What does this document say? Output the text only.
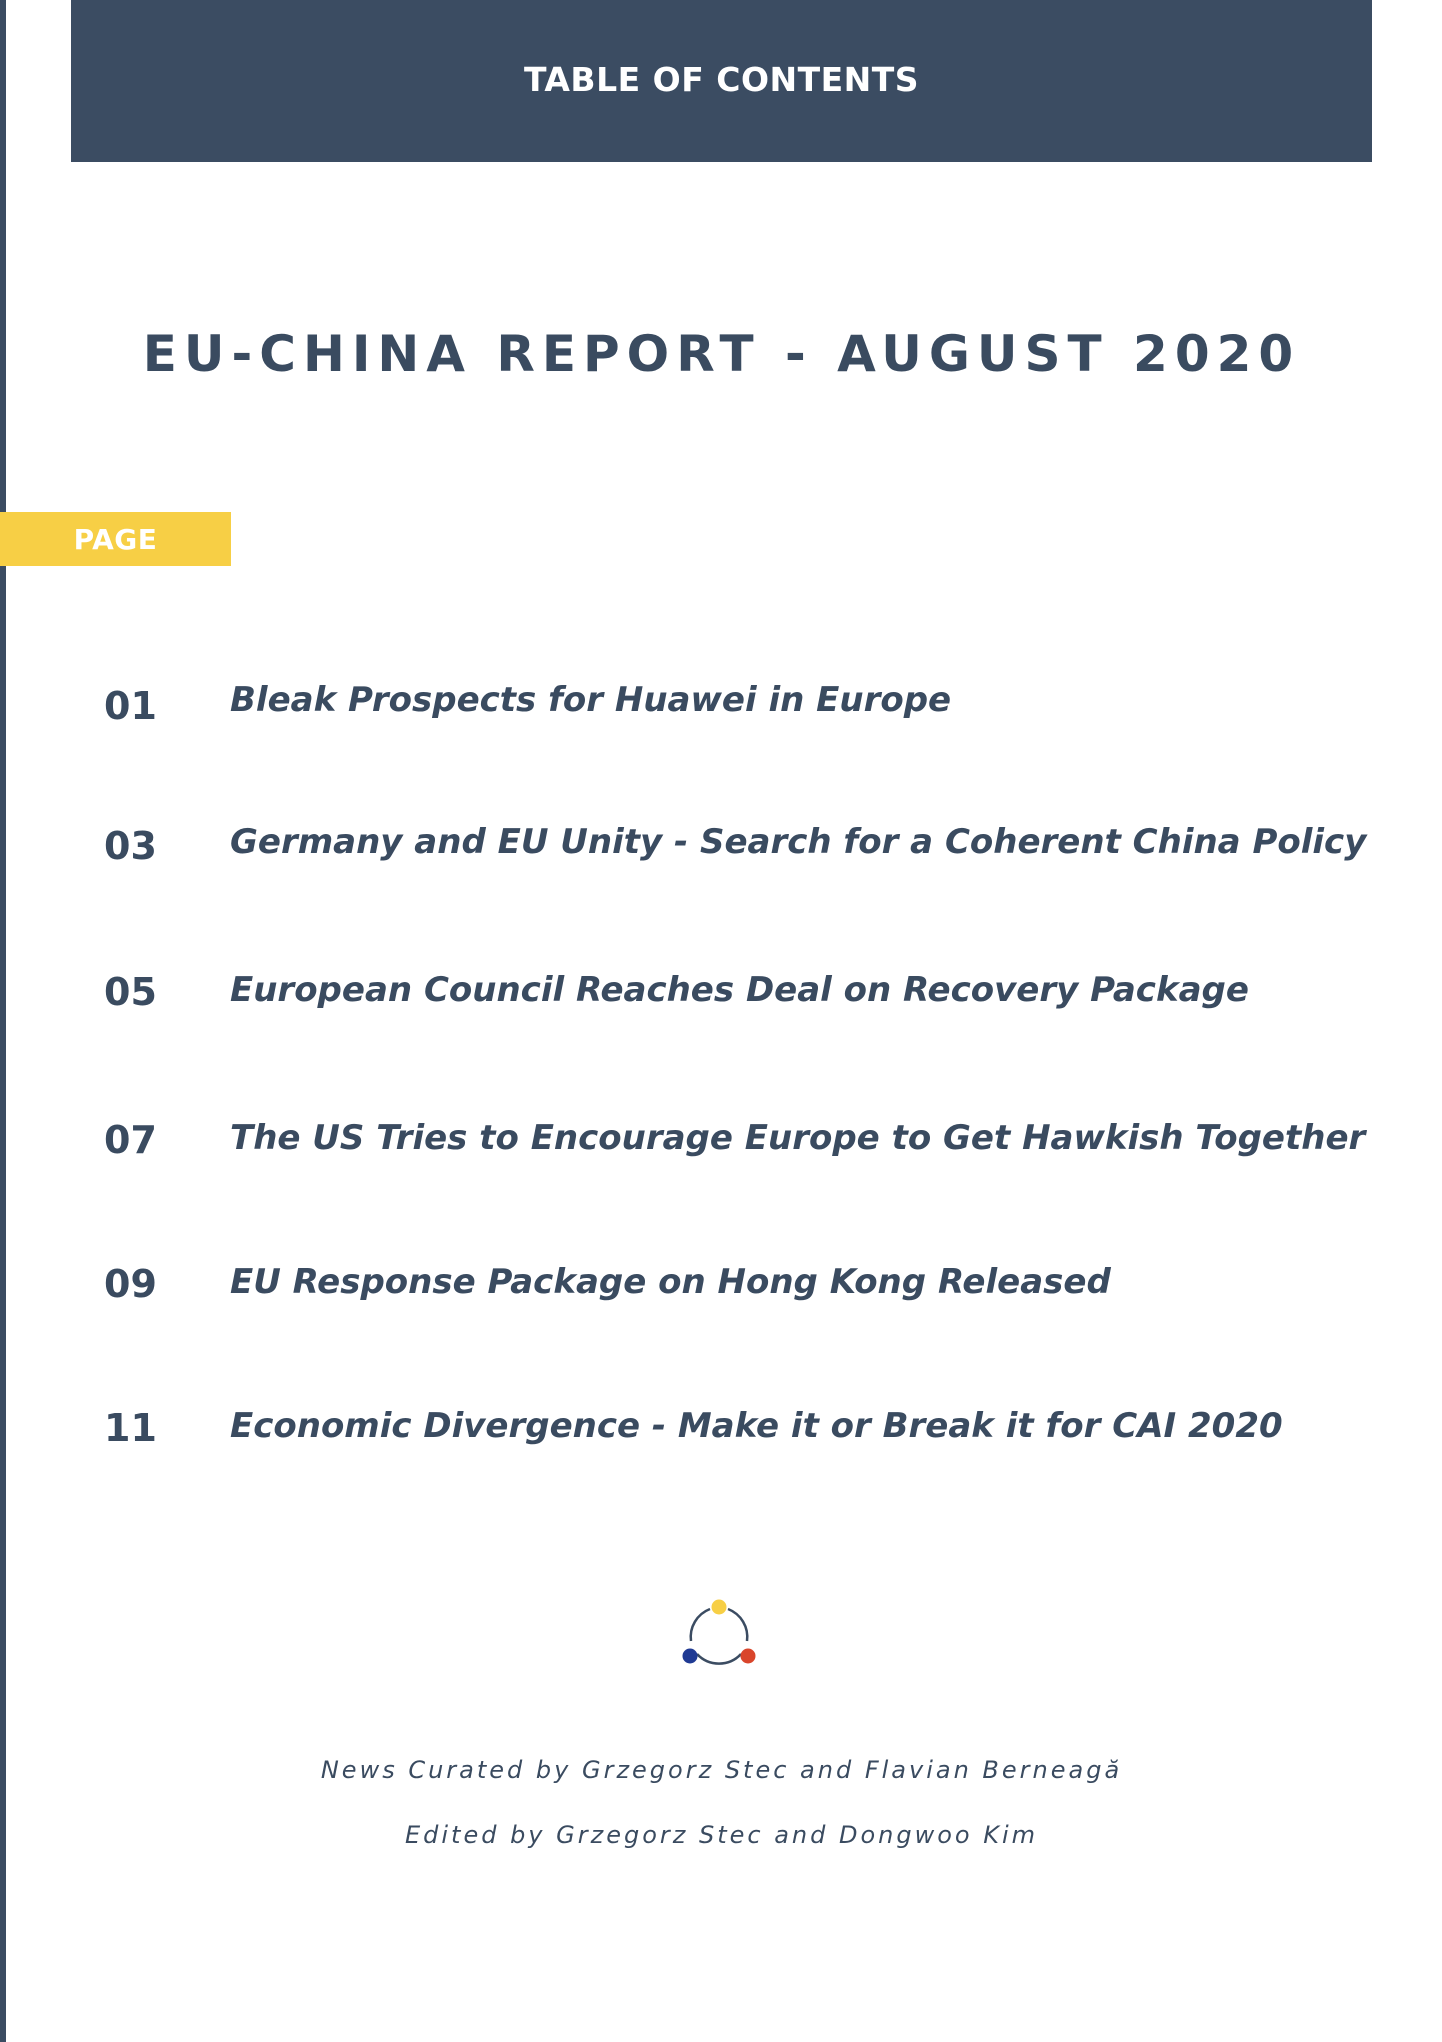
TABLE OF CONTENTS
EU-CHINA REPORT - AUGUST 2020
PAGE
01 Bleak Prospects for Huawei in Europe
03 Germany and EU Unity - Search for a Coherent China Policy
05 European Council Reaches Deal on Recovery Package
07 The US Tries to Encourage Europe to Get Hawkish Together
09 EU Response Package on Hong Kong Released
11 Economic Divergence - Make it or Break it for CAI 2020
News Curated by Grzegorz Stec and Flavian Berneagă
Edited by Grzegorz Stec and Dongwoo Kim
